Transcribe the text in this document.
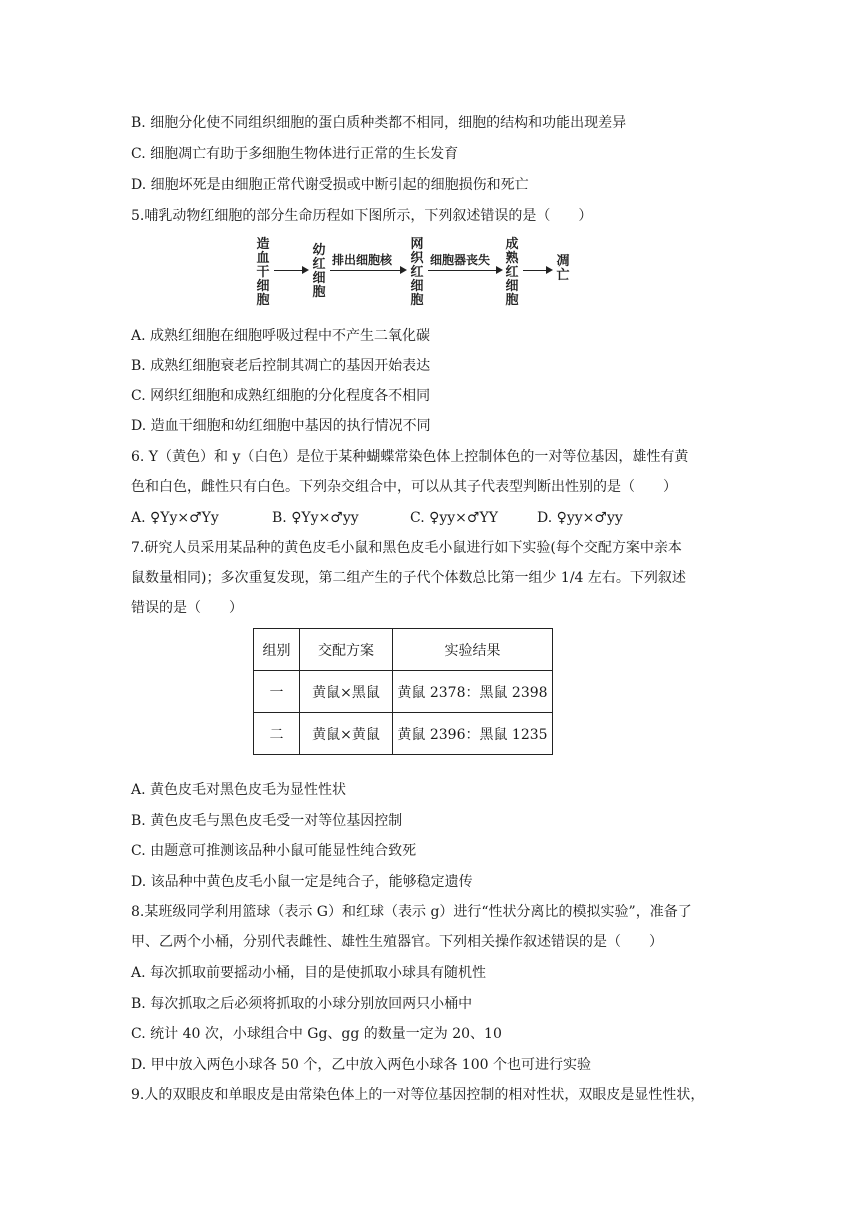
B. 细胞分化使不同组织细胞的蛋白质种类都不相同，细胞的结构和功能出现差异
C. 细胞凋亡有助于多细胞生物体进行正常的生长发育
D. 细胞坏死是由细胞正常代谢受损或中断引起的细胞损伤和死亡
5.哺乳动物红细胞的部分生命历程如下图所示，下列叙述错误的是（　　）
造血干细胞
幼红细胞
排出细胞核
网织红细胞
细胞器丧失
成熟红细胞
凋亡
A. 成熟红细胞在细胞呼吸过程中不产生二氧化碳
B. 成熟红细胞衰老后控制其凋亡的基因开始表达
C. 网织红细胞和成熟红细胞的分化程度各不相同
D. 造血干细胞和幼红细胞中基因的执行情况不同
6. Y（黄色）和 y（白色）是位于某种蝴蝶常染色体上控制体色的一对等位基因，雄性有黄
色和白色，雌性只有白色。下列杂交组合中，可以从其子代表型判断出性别的是（　　）
A. ♀Yy×♂Yy	B. ♀Yy×♂yy	C. ♀yy×♂YY	D. ♀yy×♂yy
7.研究人员采用某品种的黄色皮毛小鼠和黑色皮毛小鼠进行如下实验(每个交配方案中亲本
鼠数量相同)；多次重复发现，第二组产生的子代个体数总比第一组少 1/4 左右。下列叙述
错误的是（　　）
组别	交配方案	实验结果
一	黄鼠×黑鼠	黄鼠 2378：黑鼠 2398
二	黄鼠×黄鼠	黄鼠 2396：黑鼠 1235
A. 黄色皮毛对黑色皮毛为显性性状
B. 黄色皮毛与黑色皮毛受一对等位基因控制
C. 由题意可推测该品种小鼠可能显性纯合致死
D. 该品种中黄色皮毛小鼠一定是纯合子，能够稳定遗传
8.某班级同学利用篮球（表示 G）和红球（表示 g）进行“性状分离比的模拟实验”，准备了
甲、乙两个小桶，分别代表雌性、雄性生殖器官。下列相关操作叙述错误的是（　　）
A. 每次抓取前要摇动小桶，目的是使抓取小球具有随机性
B. 每次抓取之后必须将抓取的小球分别放回两只小桶中
C. 统计 40 次，小球组合中 Gg、gg 的数量一定为 20、10
D. 甲中放入两色小球各 50 个，乙中放入两色小球各 100 个也可进行实验
9.人的双眼皮和单眼皮是由常染色体上的一对等位基因控制的相对性状，双眼皮是显性性状，
